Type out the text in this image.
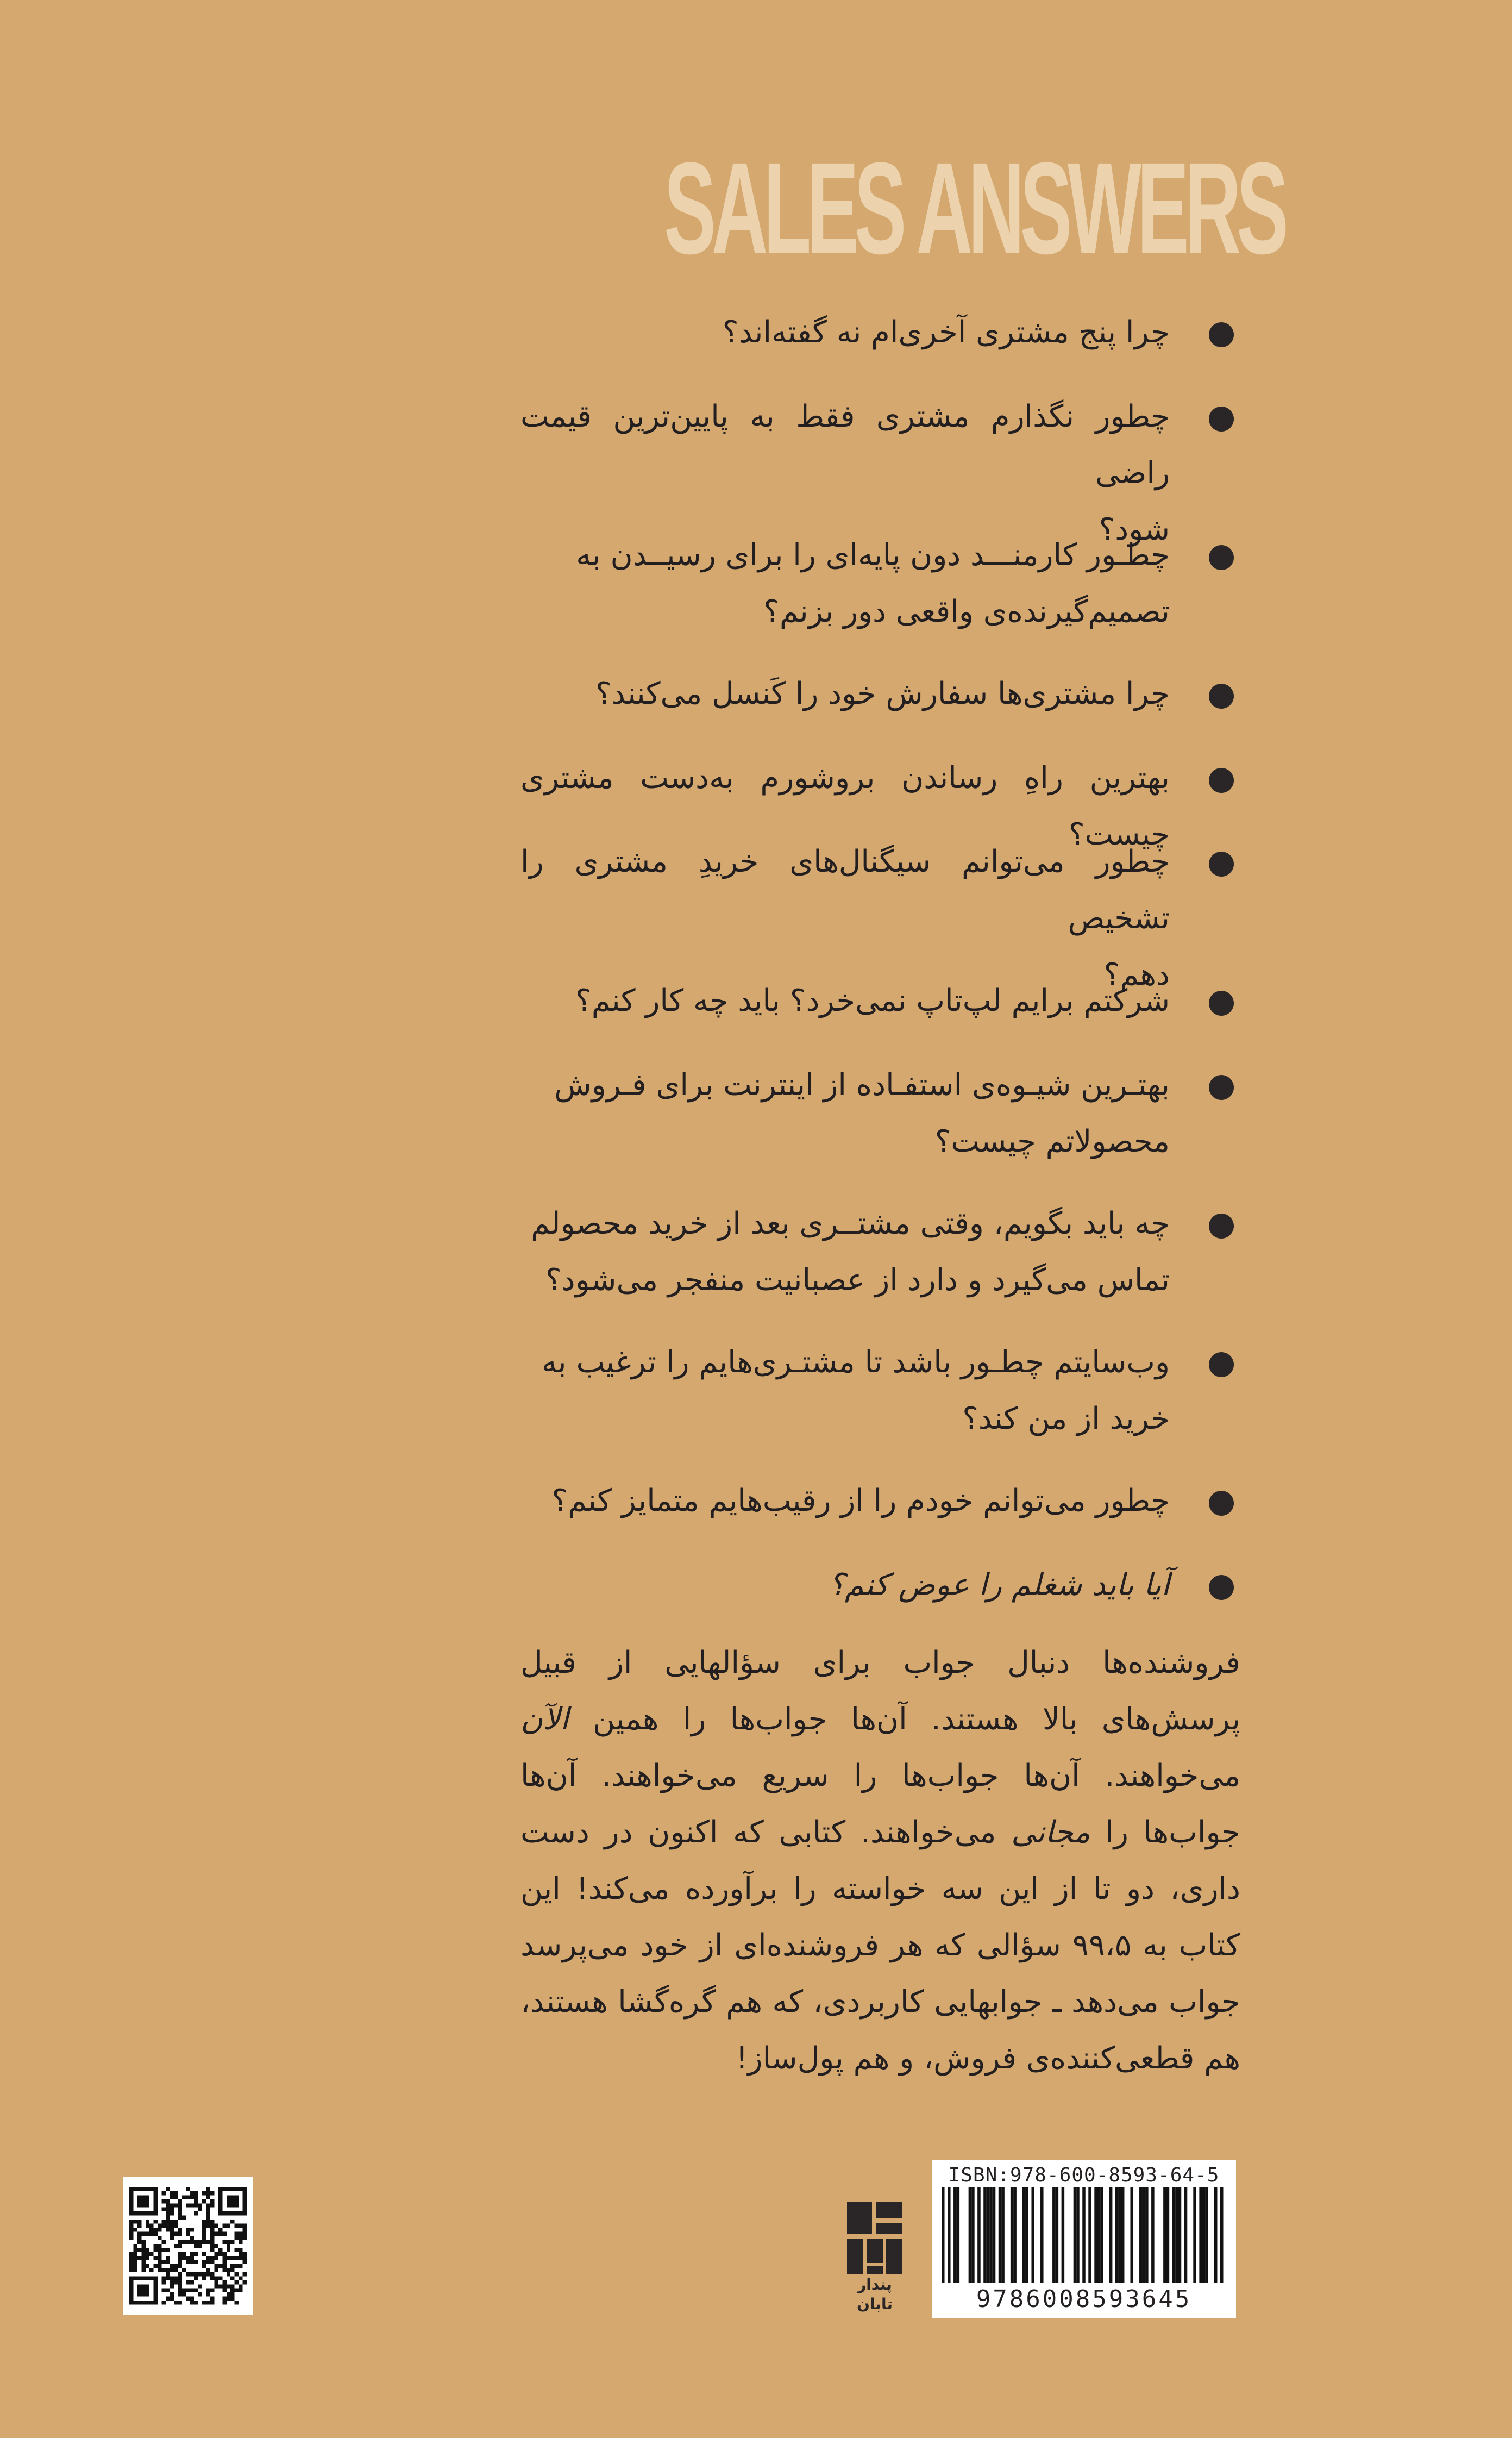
SALES ANSWERS
چرا پنج مشتری آخری‌ام نه گفته‌اند؟
چطور نگذارم مشتری فقط به پایین‌ترین قیمت راضی
شود؟
چطـور کارمنـــد دون پایه‌ای را برای رسیــدن به
تصمیم‌گیرنده‌ی واقعی دور بزنم؟
چرا مشتری‌ها سفارش خود را کَنسل می‌کنند؟
بهترین راهِ رساندن بروشورم به‌دست مشتری چیست؟
چطور می‌توانم سیگنال‌های خریدِ مشتری را تشخیص
دهم؟
شرکتم برایم لپ‌تاپ نمی‌خرد؟ باید چه کار کنم؟
بهتـرین شیـوه‌ی استفـاده از اینترنت برای فـروش
محصولاتم چیست؟
چه باید بگویم، وقتی مشتــری بعد از خرید محصولم
تماس می‌گیرد و دارد از عصبانیت منفجر می‌شود؟
وب‌سایتم چطـور باشد تا مشتـری‌هایم را ترغیب به
خرید از من کند؟
چطور می‌توانم خودم را از رقیب‌هایم متمایز کنم؟
آیا باید شغلم را عوض کنم؟
فروشنده‌ها دنبال جواب برای سؤالهایی از قبیل پرسش‌های بالا هستند. آن‌ها جواب‌ها را همین الآن می‌خواهند. آن‌ها جواب‌ها را سریع می‌خواهند. آن‌ها جواب‌ها را مجانی می‌خواهند. کتابی که اکنون در دست داری، دو تا از این سه خواسته را برآورده می‌کند! این کتاب به ۹۹،۵ سؤالی که هر فروشنده‌ای از خود می‌پرسد جواب می‌دهد ـ جوابهایی کاربردی، که هم گره‌گشا هستند، هم قطعی‌کننده‌ی فروش، و هم پول‌ساز!
پندار تابان
ISBN:978-600-8593-64-5
9786008593645
